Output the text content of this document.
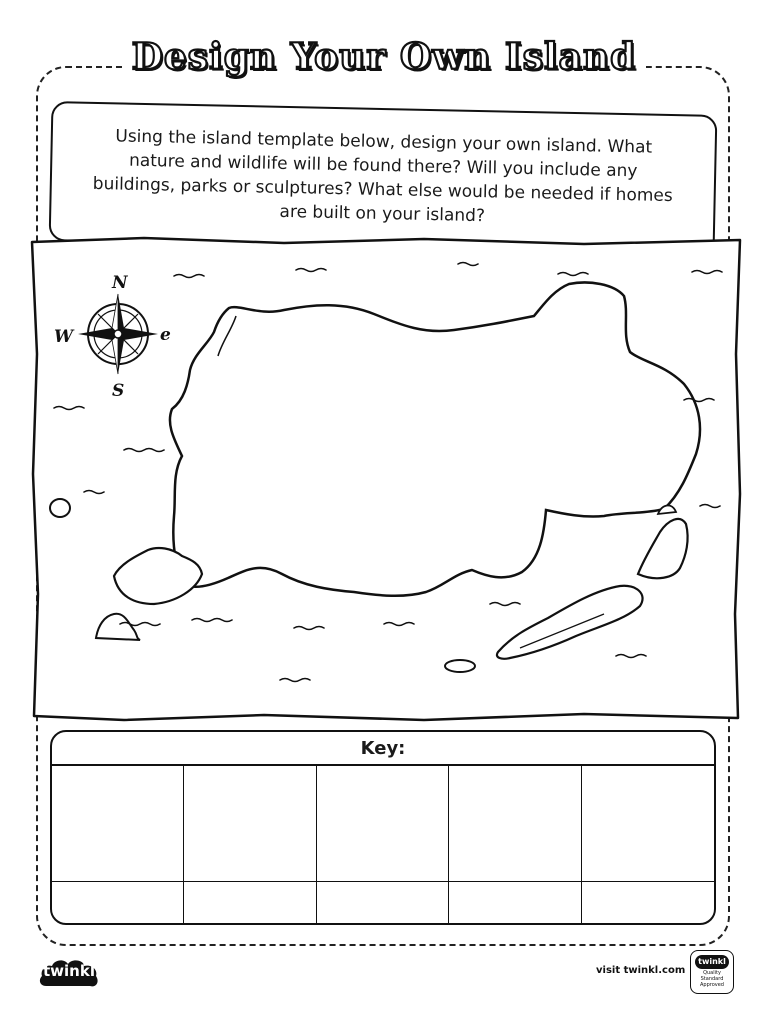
Design Your Own Island

Using the island template below, design your own island. What nature and wildlife will be found there? Will you include any buildings, parks or sculptures? What else would be needed if homes are built on your island?

N
S
e
W
Key:
twinkl	visit twinkl.com
twinkl
Quality Standard Approved
